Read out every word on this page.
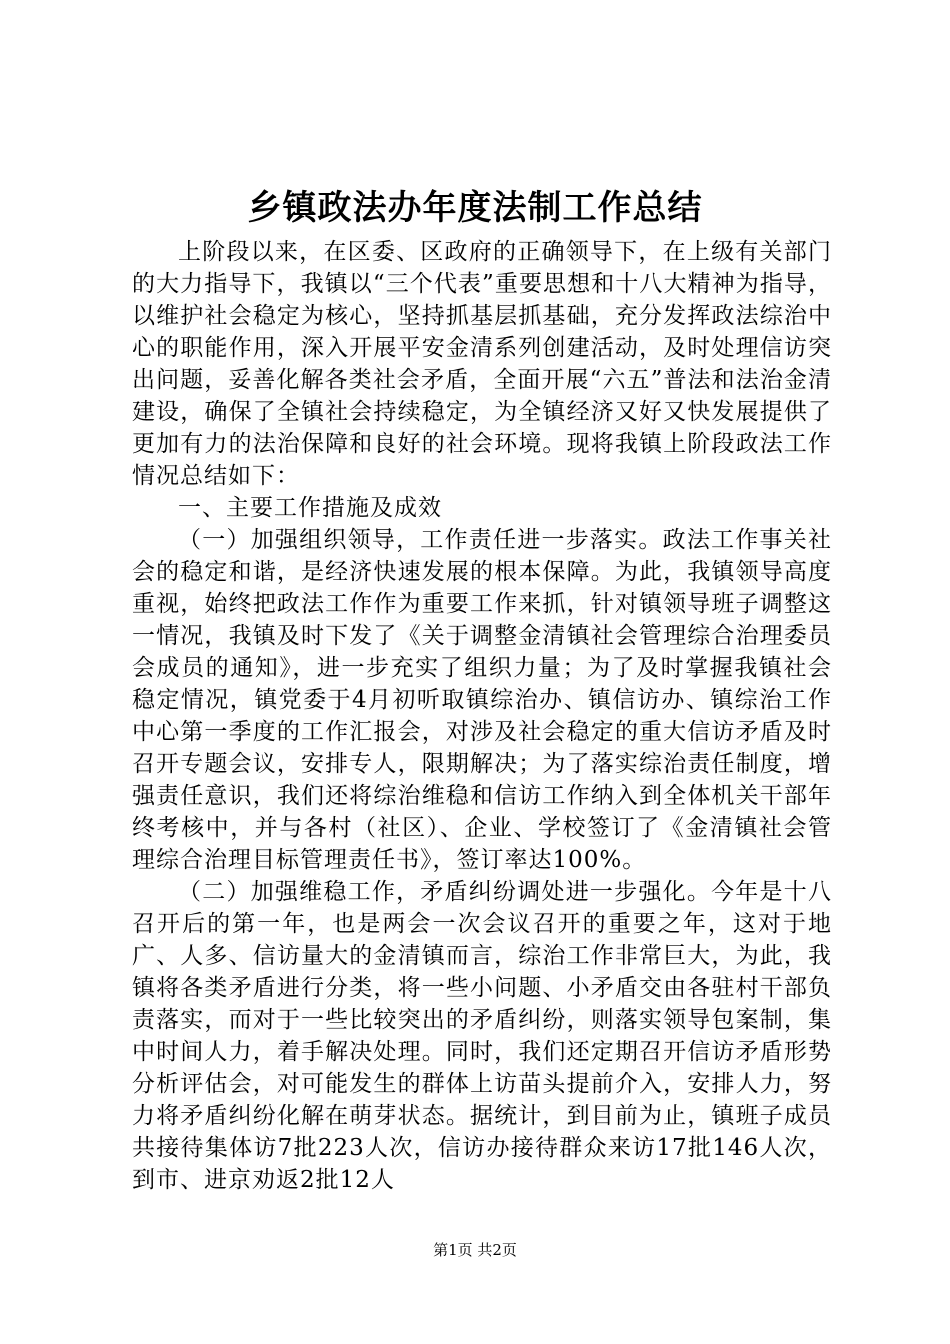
乡镇政法办年度法制工作总结

上阶段以来，在区委、区政府的正确领导下，在上级有关部门的大力指导下，我镇以“三个代表”重要思想和十八大精神为指导，以维护社会稳定为核心，坚持抓基层抓基础，充分发挥政法综治中心的职能作用，深入开展平安金清系列创建活动，及时处理信访突出问题，妥善化解各类社会矛盾，全面开展“六五”普法和法治金清建设，确保了全镇社会持续稳定，为全镇经济又好又快发展提供了更加有力的法治保障和良好的社会环境。现将我镇上阶段政法工作情况总结如下：

一、主要工作措施及成效

（一）加强组织领导，工作责任进一步落实。政法工作事关社会的稳定和谐，是经济快速发展的根本保障。为此，我镇领导高度重视，始终把政法工作作为重要工作来抓，针对镇领导班子调整这一情况，我镇及时下发了《关于调整金清镇社会管理综合治理委员会成员的通知》，进一步充实了组织力量；为了及时掌握我镇社会稳定情况，镇党委于4月初听取镇综治办、镇信访办、镇综治工作中心第一季度的工作汇报会，对涉及社会稳定的重大信访矛盾及时召开专题会议，安排专人，限期解决；为了落实综治责任制度，增强责任意识，我们还将综治维稳和信访工作纳入到全体机关干部年终考核中，并与各村（社区）、企业、学校签订了《金清镇社会管理综合治理目标管理责任书》，签订率达100%。

（二）加强维稳工作，矛盾纠纷调处进一步强化。今年是十八召开后的第一年，也是两会一次会议召开的重要之年，这对于地广、人多、信访量大的金清镇而言，综治工作非常巨大，为此，我镇将各类矛盾进行分类，将一些小问题、小矛盾交由各驻村干部负责落实，而对于一些比较突出的矛盾纠纷，则落实领导包案制，集中时间人力，着手解决处理。同时，我们还定期召开信访矛盾形势分析评估会，对可能发生的群体上访苗头提前介入，安排人力，努力将矛盾纠纷化解在萌芽状态。据统计，到目前为止，镇班子成员共接待集体访7批223人次，信访办接待群众来访17批146人次，到市、进京劝返2批12人

第1页 共2页
